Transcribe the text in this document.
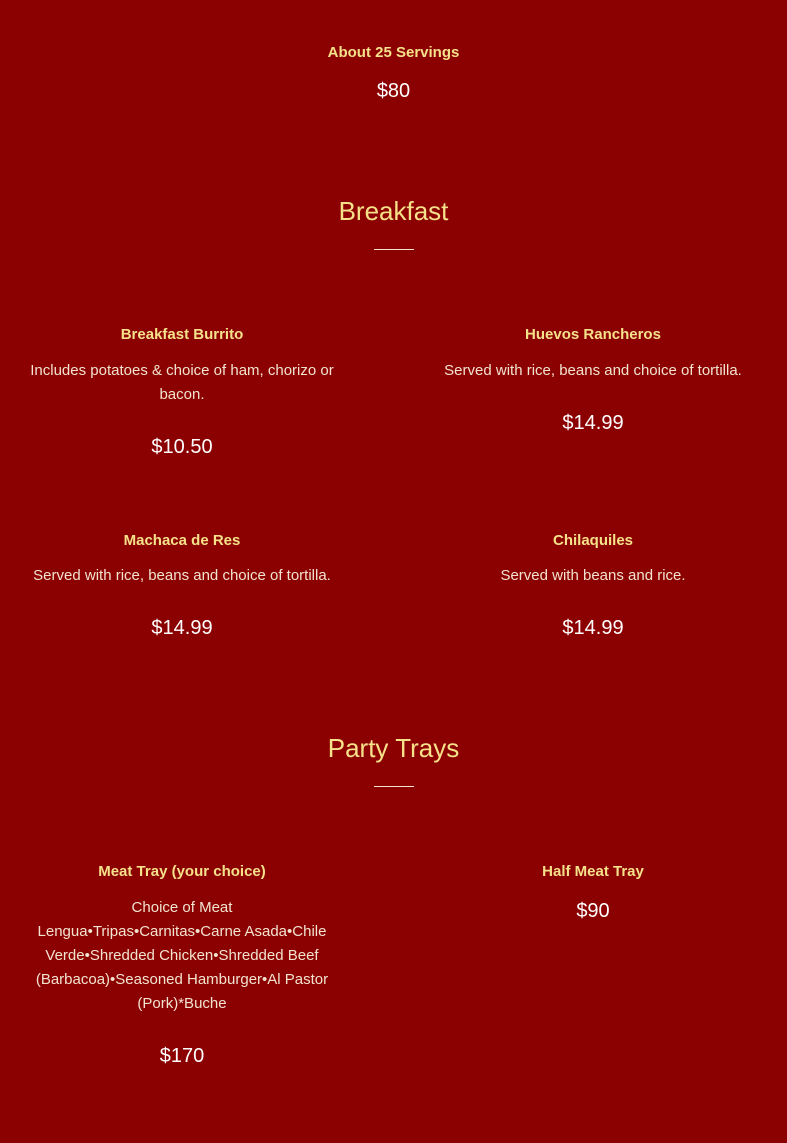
About 25 Servings
$80
Breakfast
Breakfast Burrito
Includes potatoes & choice of ham, chorizo or bacon.
$10.50
Huevos Rancheros
Served with rice, beans and choice of tortilla.
$14.99
Machaca de Res
Served with rice, beans and choice of tortilla.
$14.99
Chilaquiles
Served with beans and rice.
$14.99
Party Trays
Meat Tray (your choice)
Choice of Meat Lengua•Tripas•Carnitas•Carne Asada•Chile Verde•Shredded Chicken•Shredded Beef (Barbacoa)•Seasoned Hamburger•Al Pastor (Pork)*Buche
$170
Half Meat Tray
$90
